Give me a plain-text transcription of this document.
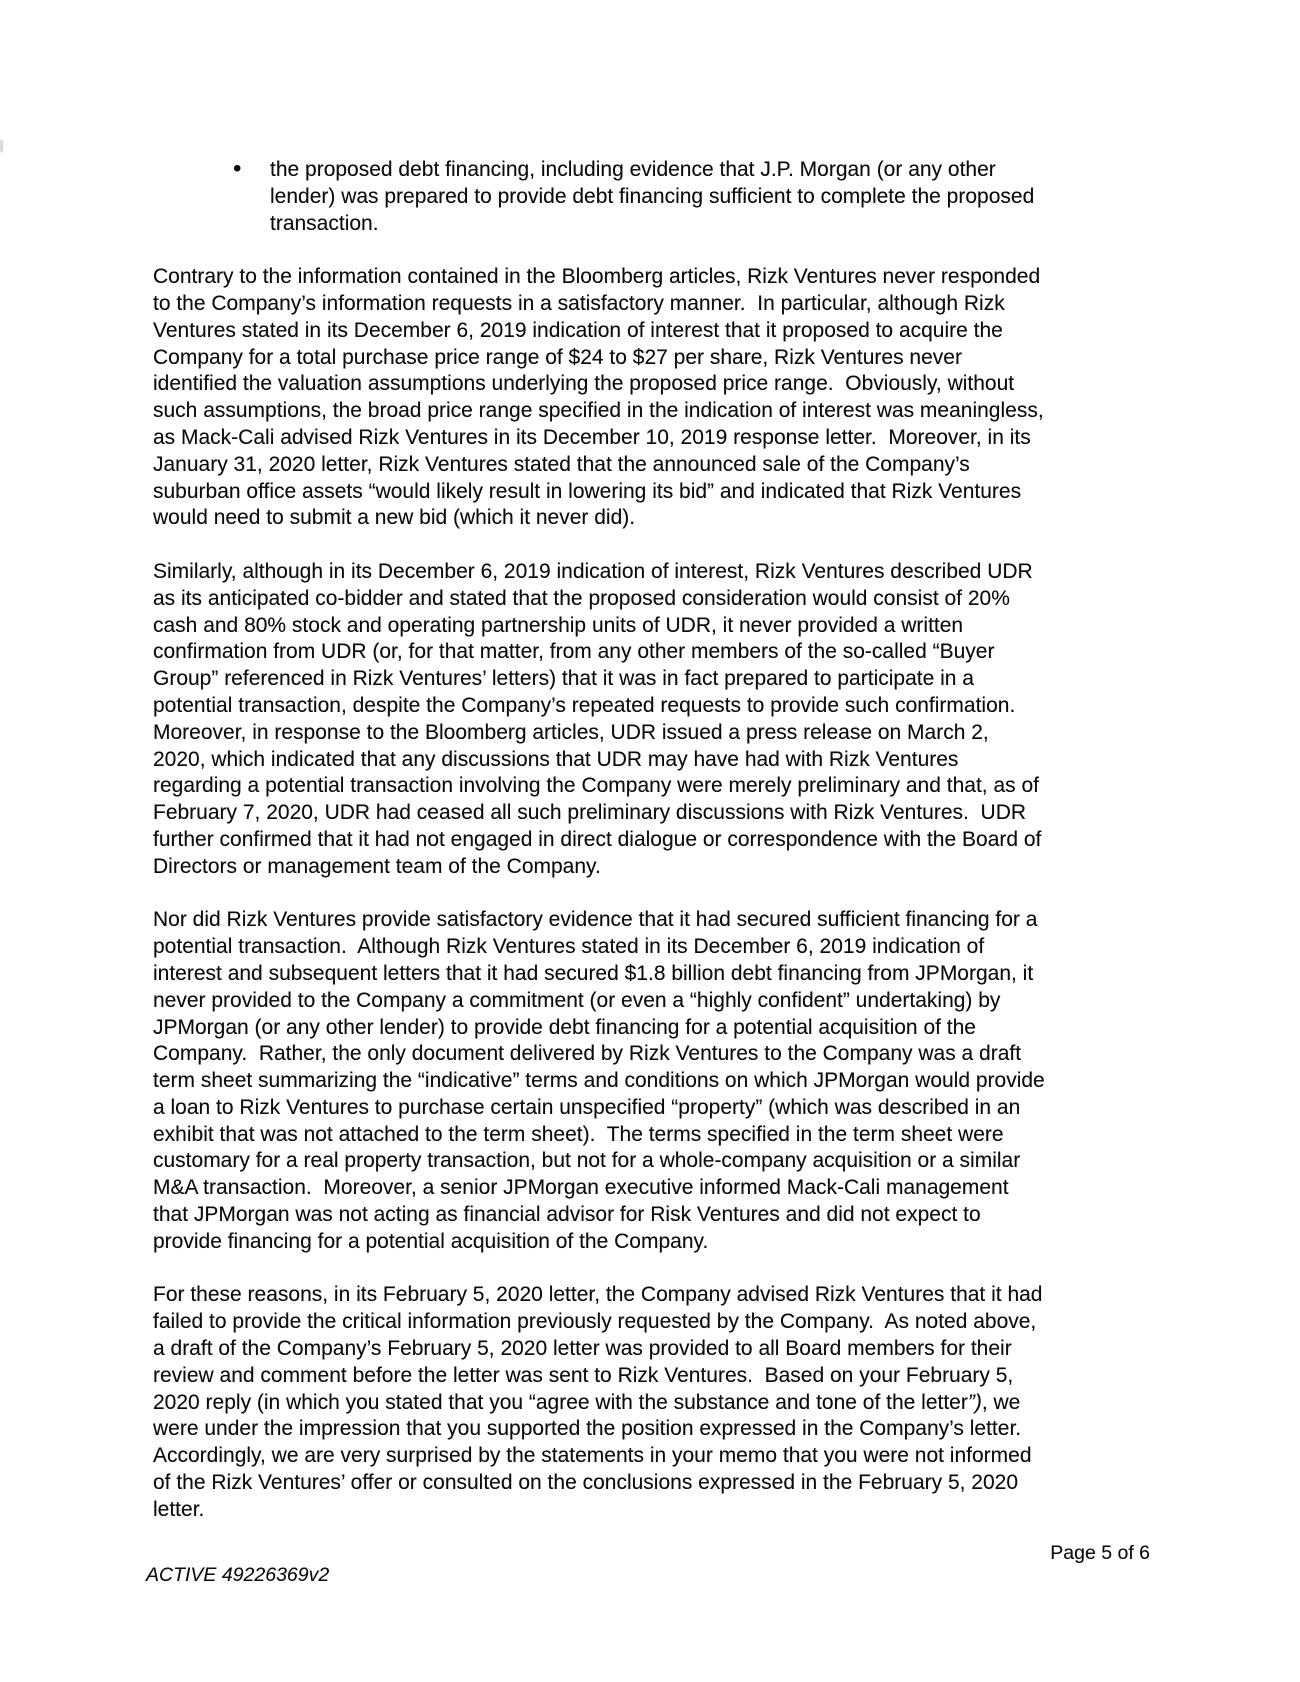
• the proposed debt financing, including evidence that J.P. Morgan (or any other
lender) was prepared to provide debt financing sufficient to complete the proposed
transaction.
Contrary to the information contained in the Bloomberg articles, Rizk Ventures never responded
to the Company’s information requests in a satisfactory manner.  In particular, although Rizk
Ventures stated in its December 6, 2019 indication of interest that it proposed to acquire the
Company for a total purchase price range of $24 to $27 per share, Rizk Ventures never
identified the valuation assumptions underlying the proposed price range.  Obviously, without
such assumptions, the broad price range specified in the indication of interest was meaningless,
as Mack-Cali advised Rizk Ventures in its December 10, 2019 response letter.  Moreover, in its
January 31, 2020 letter, Rizk Ventures stated that the announced sale of the Company’s
suburban office assets “would likely result in lowering its bid” and indicated that Rizk Ventures
would need to submit a new bid (which it never did).
Similarly, although in its December 6, 2019 indication of interest, Rizk Ventures described UDR
as its anticipated co-bidder and stated that the proposed consideration would consist of 20%
cash and 80% stock and operating partnership units of UDR, it never provided a written
confirmation from UDR (or, for that matter, from any other members of the so-called “Buyer
Group” referenced in Rizk Ventures’ letters) that it was in fact prepared to participate in a
potential transaction, despite the Company’s repeated requests to provide such confirmation.
Moreover, in response to the Bloomberg articles, UDR issued a press release on March 2,
2020, which indicated that any discussions that UDR may have had with Rizk Ventures
regarding a potential transaction involving the Company were merely preliminary and that, as of
February 7, 2020, UDR had ceased all such preliminary discussions with Rizk Ventures.  UDR
further confirmed that it had not engaged in direct dialogue or correspondence with the Board of
Directors or management team of the Company.
Nor did Rizk Ventures provide satisfactory evidence that it had secured sufficient financing for a
potential transaction.  Although Rizk Ventures stated in its December 6, 2019 indication of
interest and subsequent letters that it had secured $1.8 billion debt financing from JPMorgan, it
never provided to the Company a commitment (or even a “highly confident” undertaking) by
JPMorgan (or any other lender) to provide debt financing for a potential acquisition of the
Company.  Rather, the only document delivered by Rizk Ventures to the Company was a draft
term sheet summarizing the “indicative” terms and conditions on which JPMorgan would provide
a loan to Rizk Ventures to purchase certain unspecified “property” (which was described in an
exhibit that was not attached to the term sheet).  The terms specified in the term sheet were
customary for a real property transaction, but not for a whole-company acquisition or a similar
M&A transaction.  Moreover, a senior JPMorgan executive informed Mack-Cali management
that JPMorgan was not acting as financial advisor for Risk Ventures and did not expect to
provide financing for a potential acquisition of the Company.
For these reasons, in its February 5, 2020 letter, the Company advised Rizk Ventures that it had
failed to provide the critical information previously requested by the Company.  As noted above,
a draft of the Company’s February 5, 2020 letter was provided to all Board members for their
review and comment before the letter was sent to Rizk Ventures.  Based on your February 5,
2020 reply (in which you stated that you “agree with the substance and tone of the letter”), we
were under the impression that you supported the position expressed in the Company’s letter.
Accordingly, we are very surprised by the statements in your memo that you were not informed
of the Rizk Ventures’ offer or consulted on the conclusions expressed in the February 5, 2020
letter.
Page 5 of 6
ACTIVE 49226369v2
